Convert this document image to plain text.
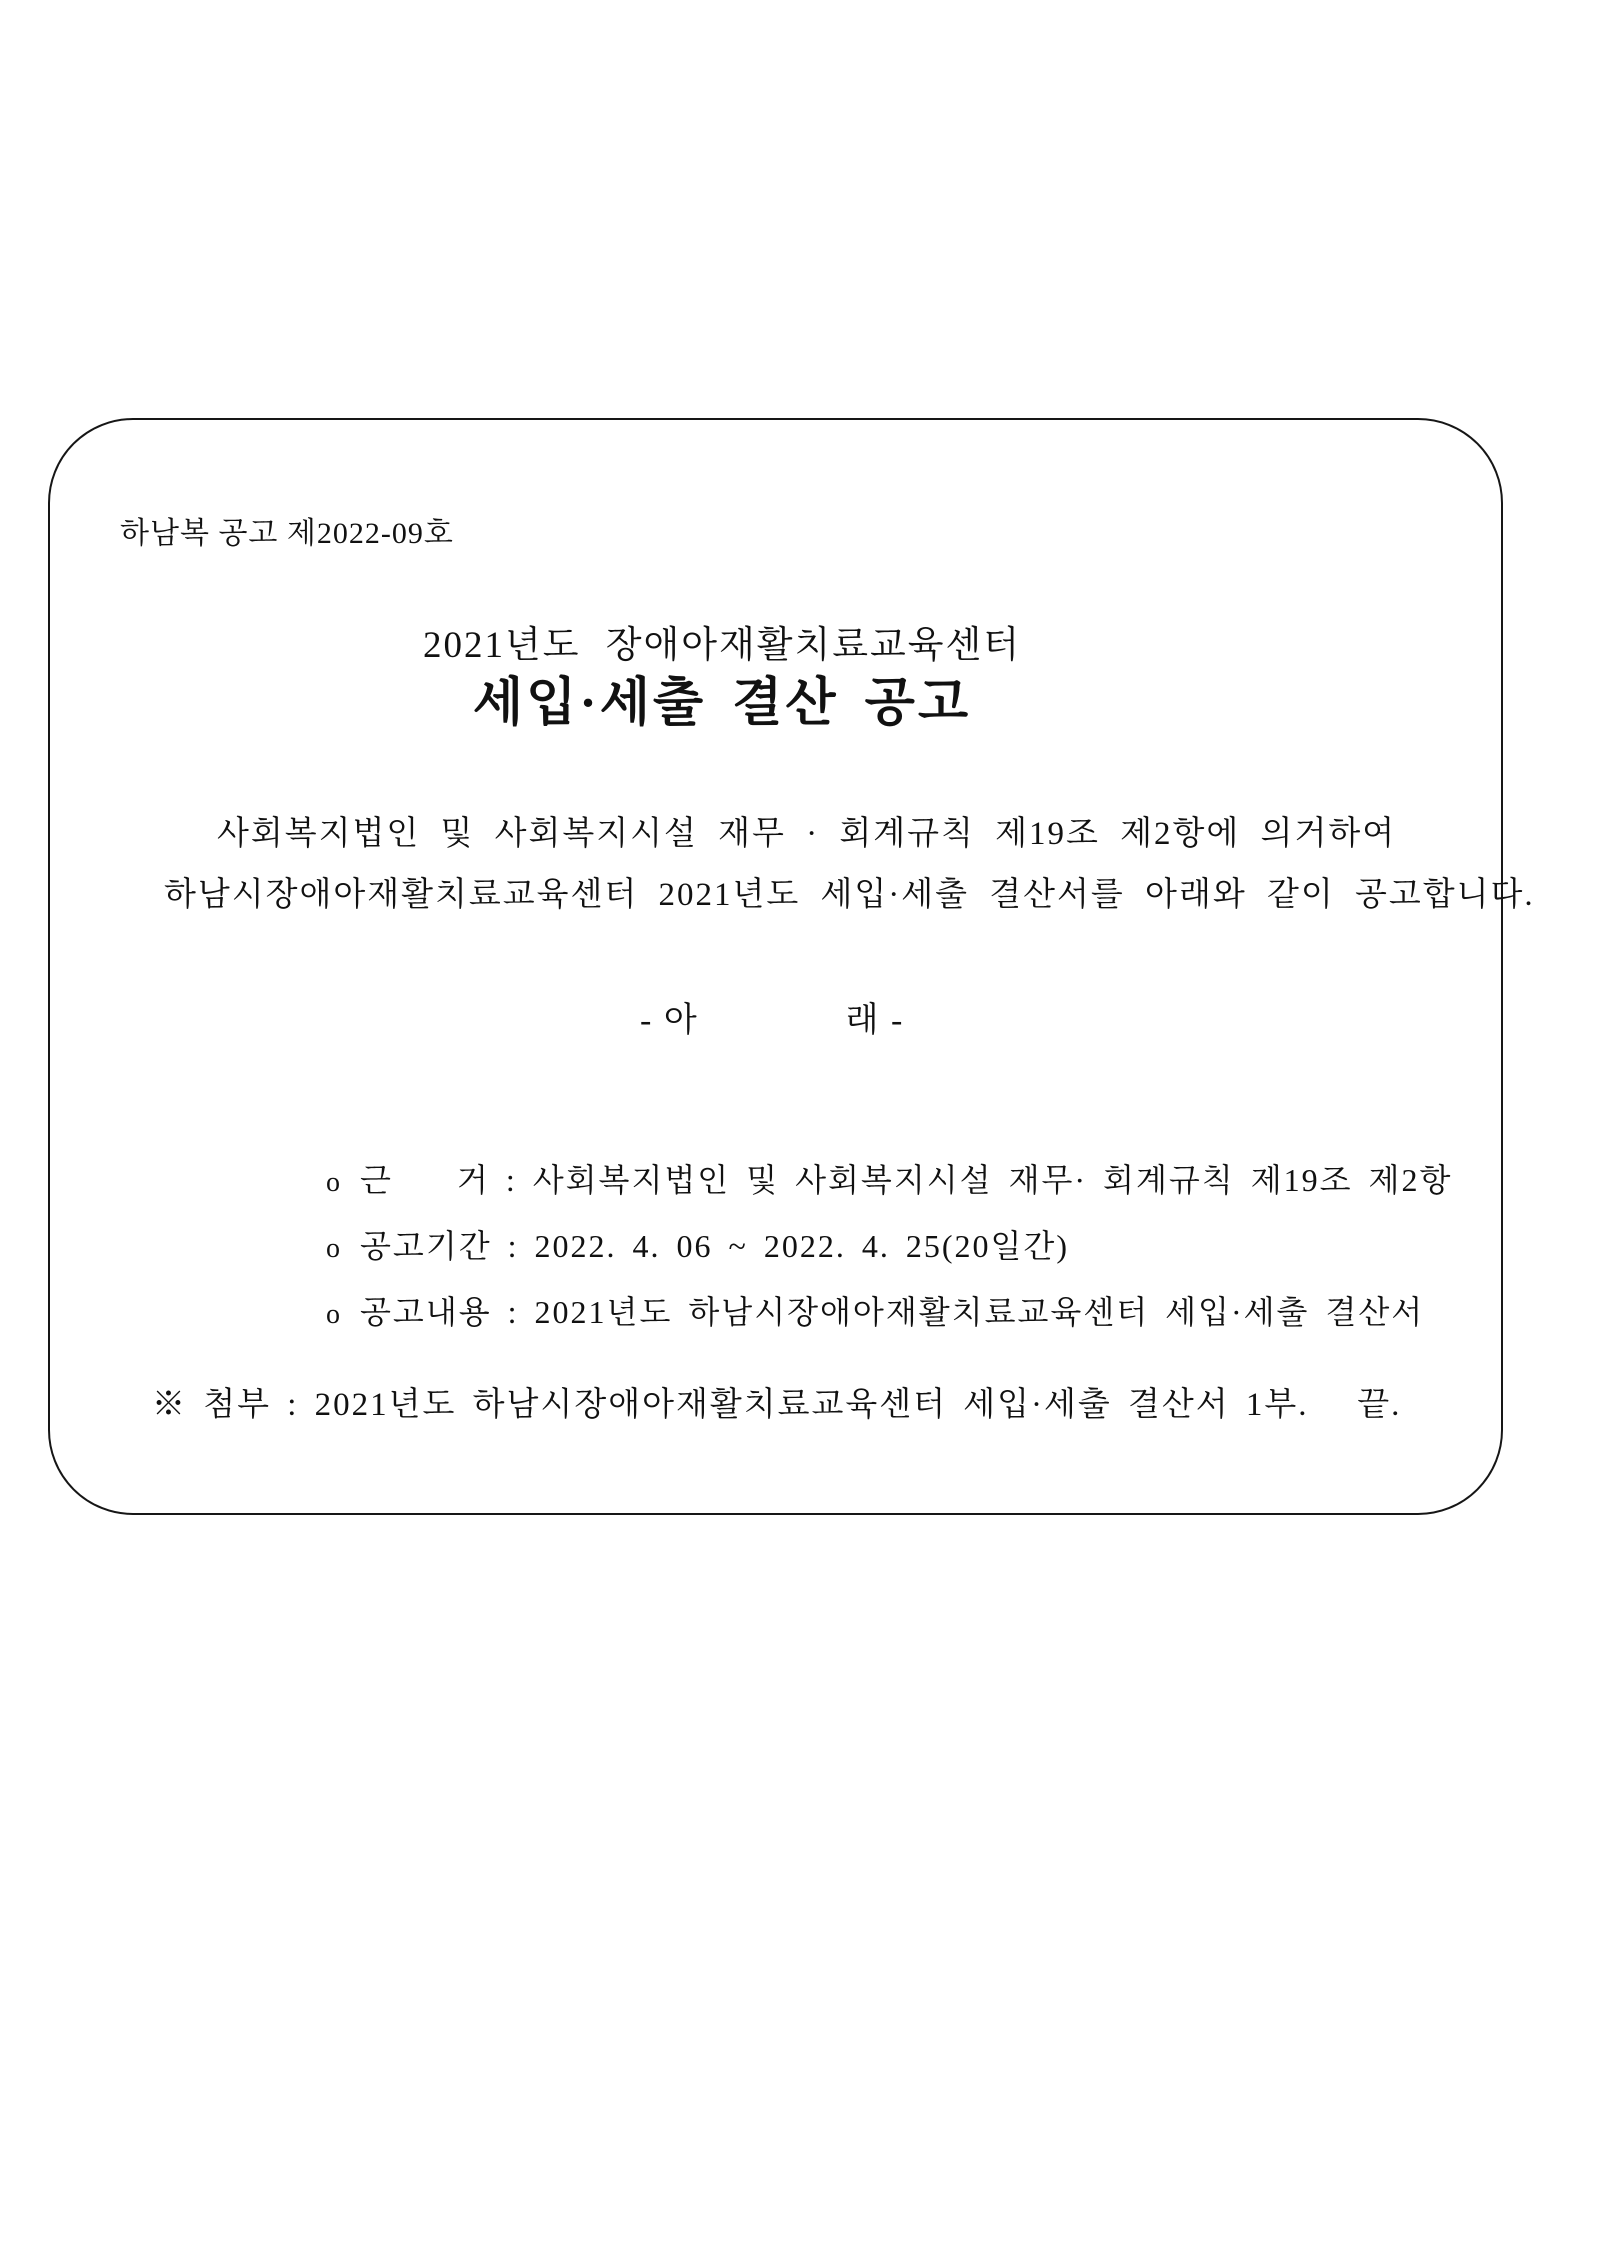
하남복 공고 제2022-09호
2021년도 장애아재활치료교육센터
세입·세출 결산 공고
사회복지법인 및 사회복지시설 재무 · 회계규칙 제19조 제2항에 의거하여
하남시장애아재활치료교육센터 2021년도 세입·세출 결산서를 아래와 같이 공고합니다.
- 아              래 -

o 근    거 : 사회복지법인 및 사회복지시설 재무· 회계규칙 제19조 제2항

o 공고기간 : 2022. 4. 06 ~ 2022. 4. 25(20일간)

o 공고내용 : 2021년도 하남시장애아재활치료교육센터 세입·세출 결산서

※ 첨부 : 2021년도 하남시장애아재활치료교육센터 세입·세출 결산서 1부.   끝.
